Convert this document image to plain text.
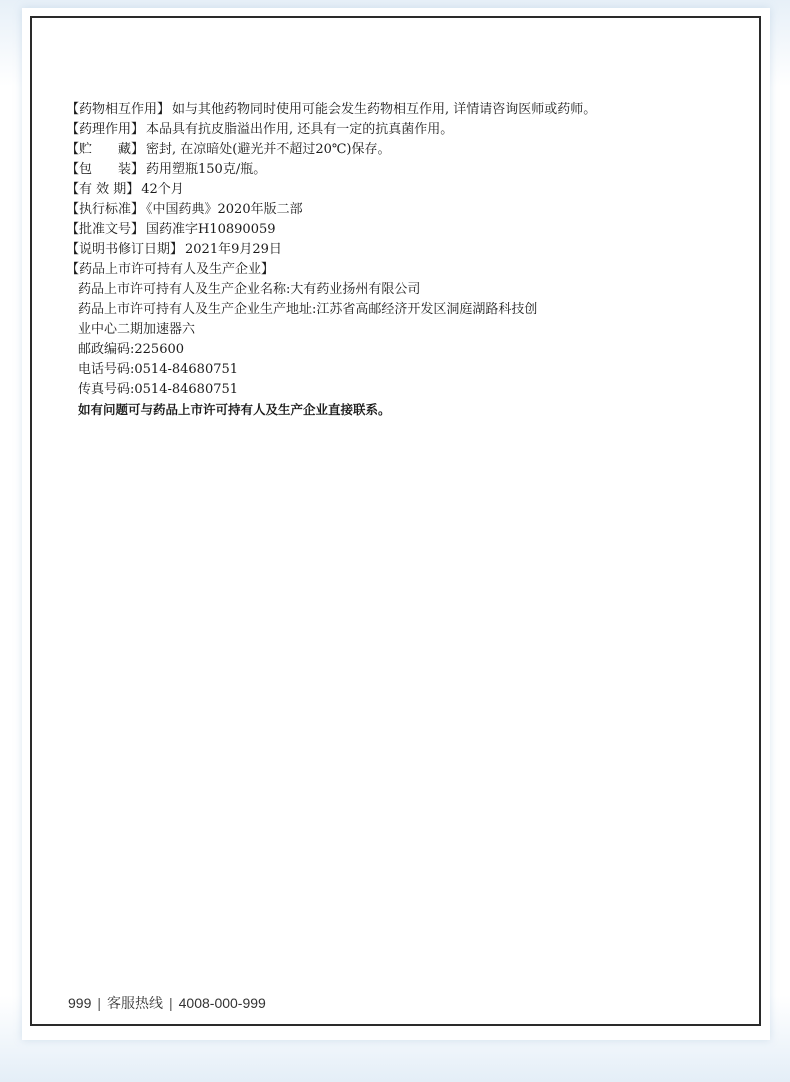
【药物相互作用】 如与其他药物同时使用可能会发生药物相互作用, 详情请咨询医师或药师。
【药理作用】 本品具有抗皮脂溢出作用, 还具有一定的抗真菌作用。
【贮　　藏】 密封, 在凉暗处(避光并不超过20℃)保存。
【包　　装】 药用塑瓶150克/瓶。
【有 效 期】 42个月
【执行标准】 《中国药典》2020年版二部
【批准文号】 国药准字H10890059
【说明书修订日期】 2021年9月29日
【药品上市许可持有人及生产企业】
药品上市许可持有人及生产企业名称:大有药业扬州有限公司
药品上市许可持有人及生产企业生产地址:江苏省高邮经济开发区洞庭湖路科技创
业中心二期加速器六
邮政编码:225600
电话号码:0514-84680751
传真号码:0514-84680751
如有问题可与药品上市许可持有人及生产企业直接联系。
999 | 客服热线 | 4008-000-999
